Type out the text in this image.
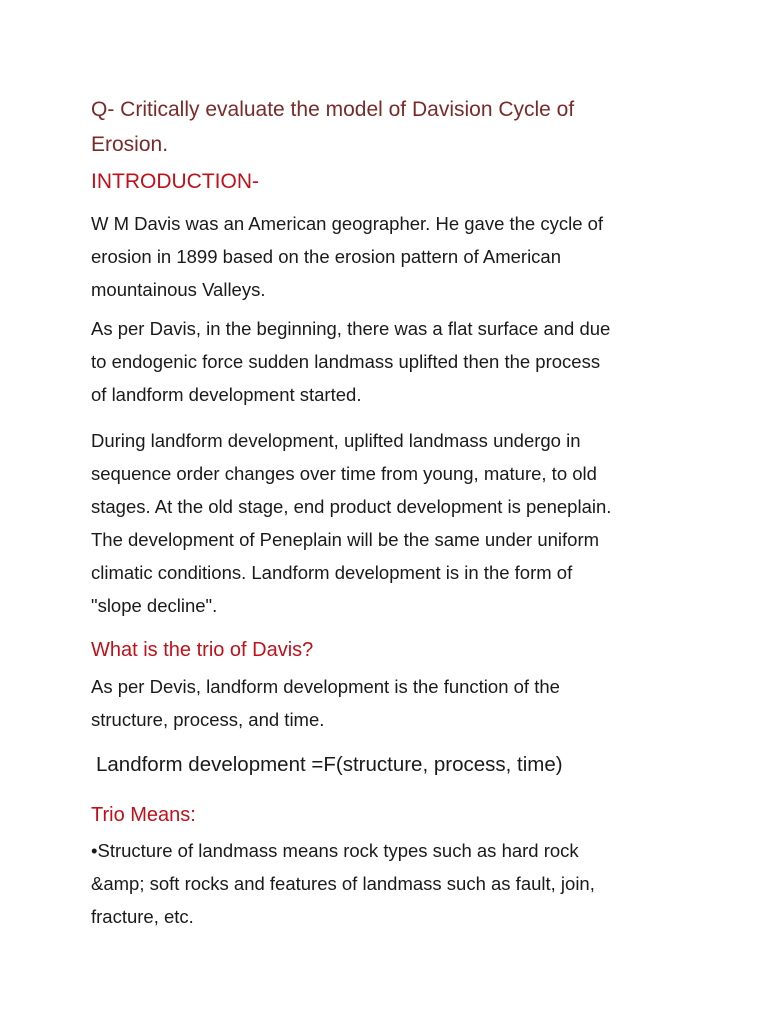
Q- Critically evaluate the model of Davision Cycle of
Erosion.

INTRODUCTION-

W M Davis was an American geographer. He gave the cycle of
erosion in 1899 based on the erosion pattern of American
mountainous Valleys.

As per Davis, in the beginning, there was a flat surface and due
to endogenic force sudden landmass uplifted then the process
of landform development started.

During landform development, uplifted landmass undergo in
sequence order changes over time from young, mature, to old
stages. At the old stage, end product development is peneplain.
The development of Peneplain will be the same under uniform
climatic conditions. Landform development is in the form of
"slope decline".

What is the trio of Davis?

As per Devis, landform development is the function of the
structure, process, and time.

Landform development =F(structure, process, time)

Trio Means:

•Structure of landmass means rock types such as hard rock
&amp; soft rocks and features of landmass such as fault, join,
fracture, etc.
